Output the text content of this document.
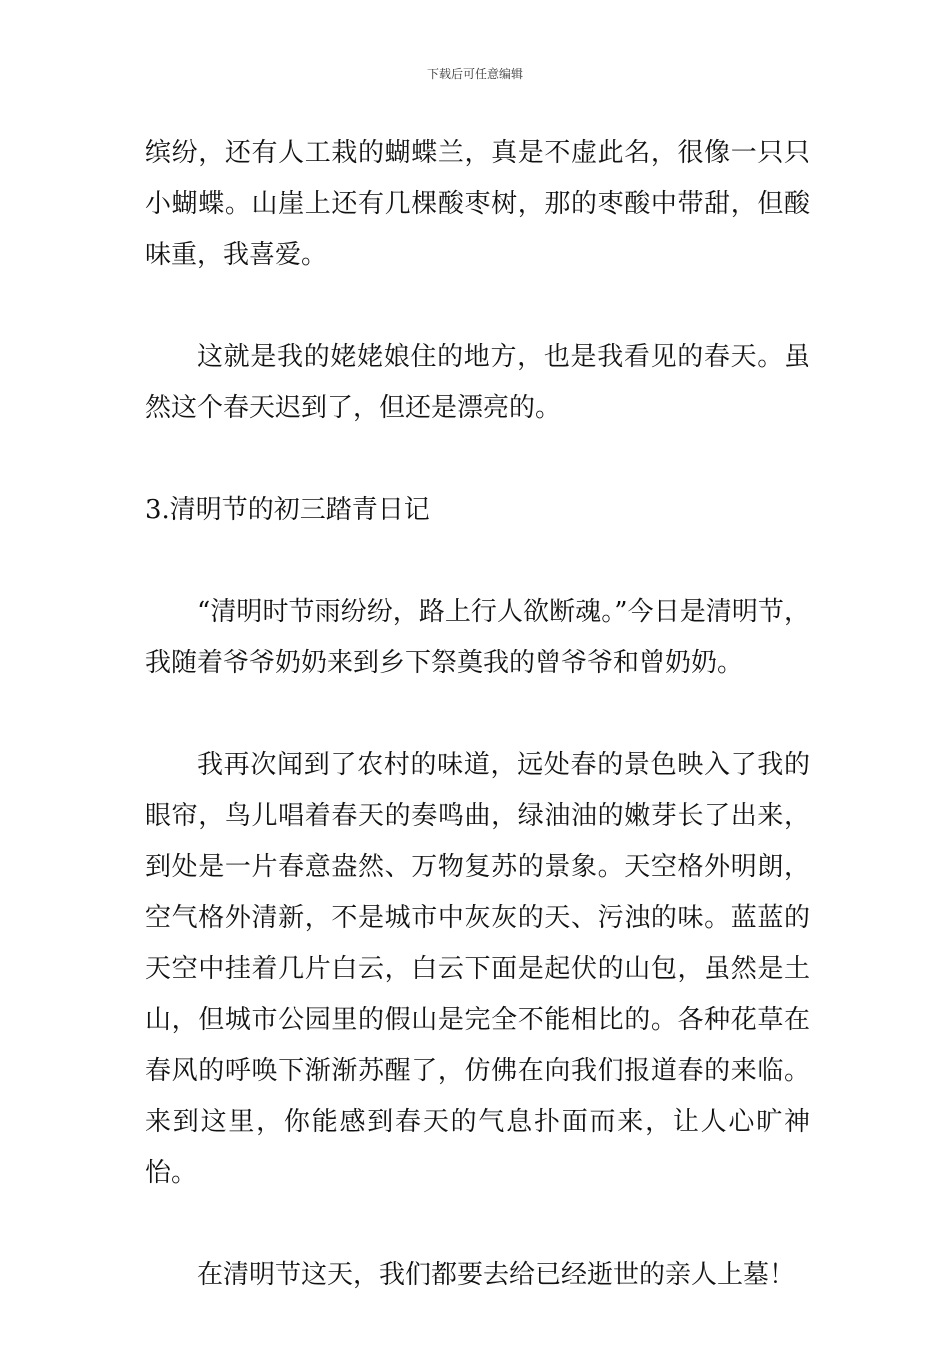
下载后可任意编辑

缤纷，还有人工栽的蝴蝶兰，真是不虚此名，很像一只只小蝴蝶。山崖上还有几棵酸枣树，那的枣酸中带甜，但酸味重，我喜爱。

这就是我的姥姥娘住的地方，也是我看见的春天。虽然这个春天迟到了，但还是漂亮的。

3.清明节的初三踏青日记

“清明时节雨纷纷，路上行人欲断魂。”今日是清明节，我随着爷爷奶奶来到乡下祭奠我的曾爷爷和曾奶奶。

我再次闻到了农村的味道，远处春的景色映入了我的眼帘，鸟儿唱着春天的奏鸣曲，绿油油的嫩芽长了出来，到处是一片春意盎然、万物复苏的景象。天空格外明朗，空气格外清新，不是城市中灰灰的天、污浊的味。蓝蓝的天空中挂着几片白云，白云下面是起伏的山包，虽然是土山，但城市公园里的假山是完全不能相比的。各种花草在春风的呼唤下渐渐苏醒了，仿佛在向我们报道春的来临。来到这里，你能感到春天的气息扑面而来，让人心旷神怡。

在清明节这天，我们都要去给已经逝世的亲人上墓！
